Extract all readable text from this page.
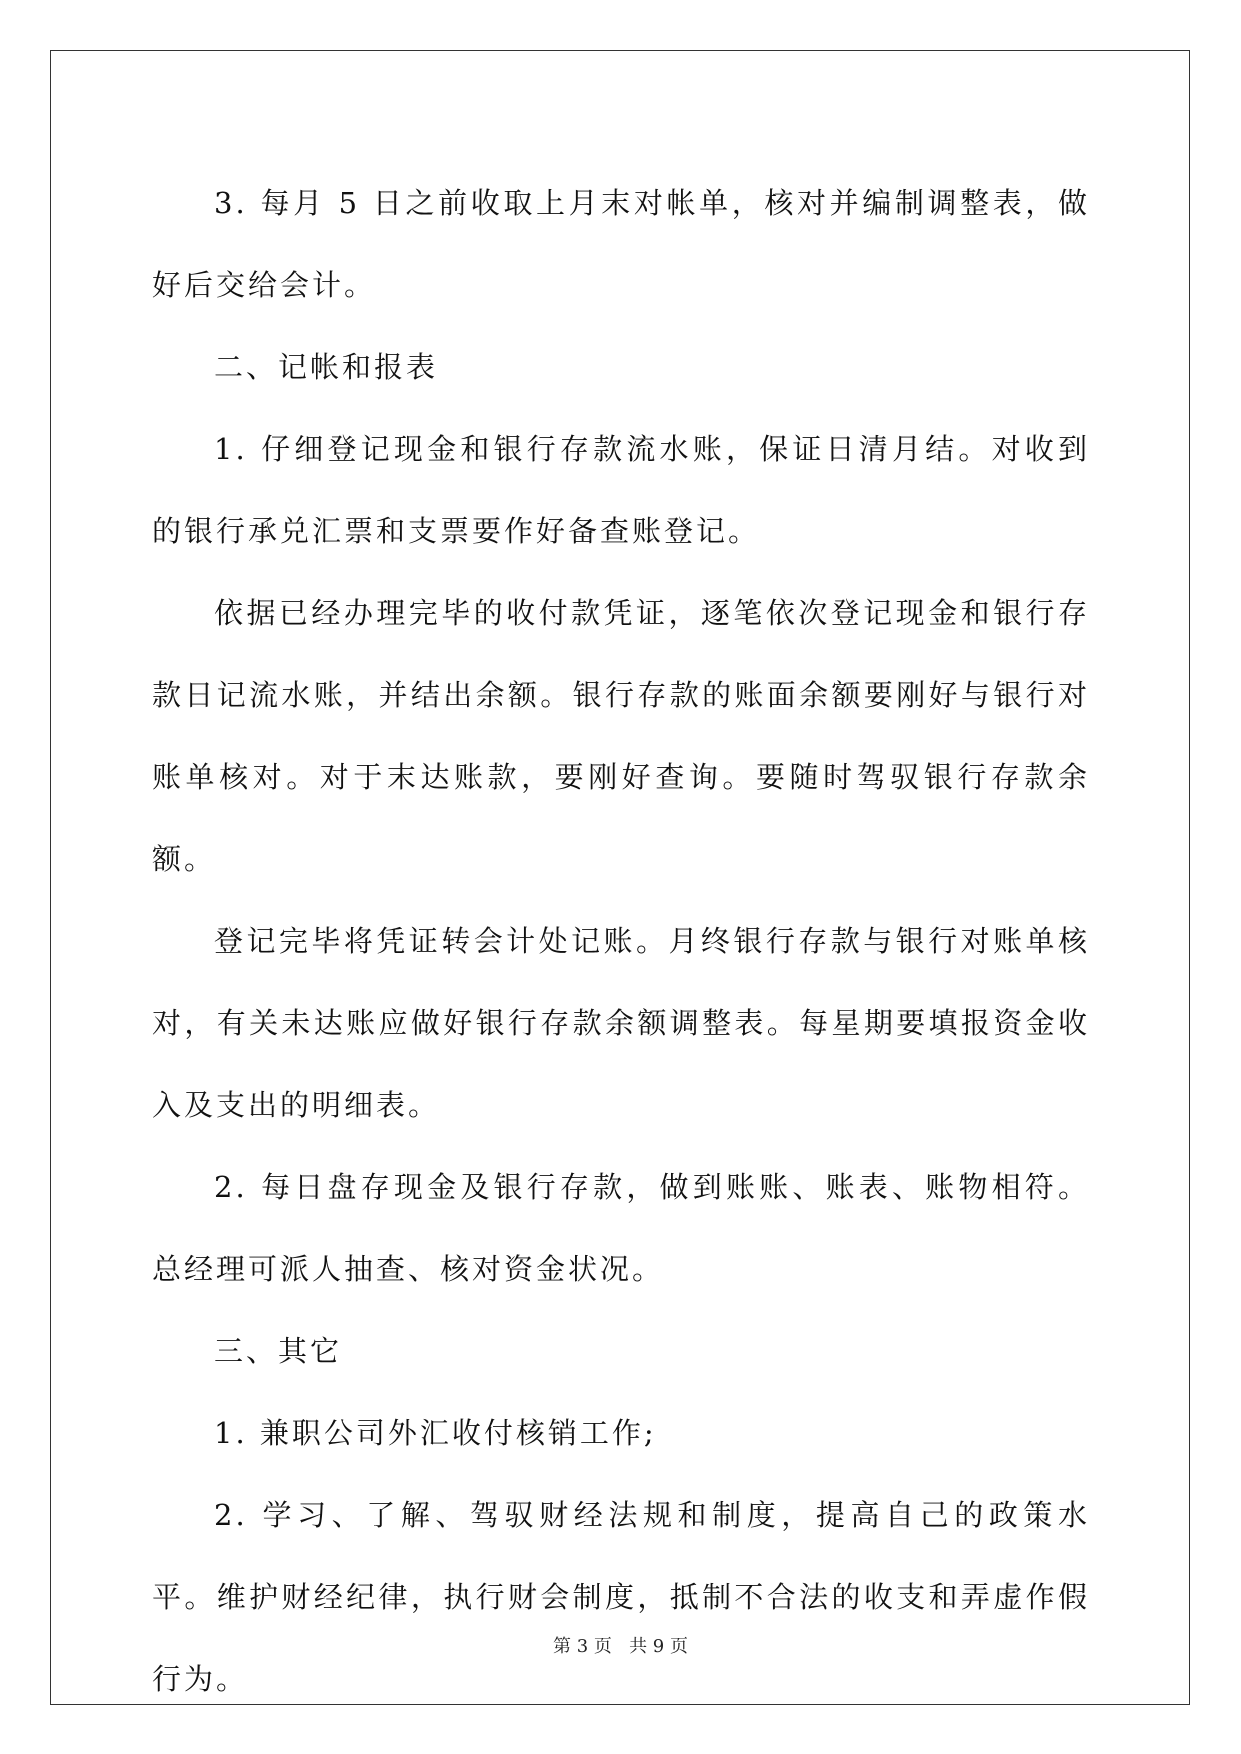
3. 每月 5 日之前收取上月末对帐单，核对并编制调整表，做好后交给会计。

二、记帐和报表

1. 仔细登记现金和银行存款流水账，保证日清月结。对收到的银行承兑汇票和支票要作好备查账登记。

依据已经办理完毕的收付款凭证，逐笔依次登记现金和银行存款日记流水账，并结出余额。银行存款的账面余额要刚好与银行对账单核对。对于末达账款，要刚好查询。要随时驾驭银行存款余额。

登记完毕将凭证转会计处记账。月终银行存款与银行对账单核对，有关未达账应做好银行存款余额调整表。每星期要填报资金收入及支出的明细表。

2. 每日盘存现金及银行存款，做到账账、账表、账物相符。总经理可派人抽查、核对资金状况。

三、其它

1. 兼职公司外汇收付核销工作;

2. 学习、了解、驾驭财经法规和制度，提高自己的政策水平。维护财经纪律，执行财会制度，抵制不合法的收支和弄虚作假行为。

第 3 页 共 9 页
